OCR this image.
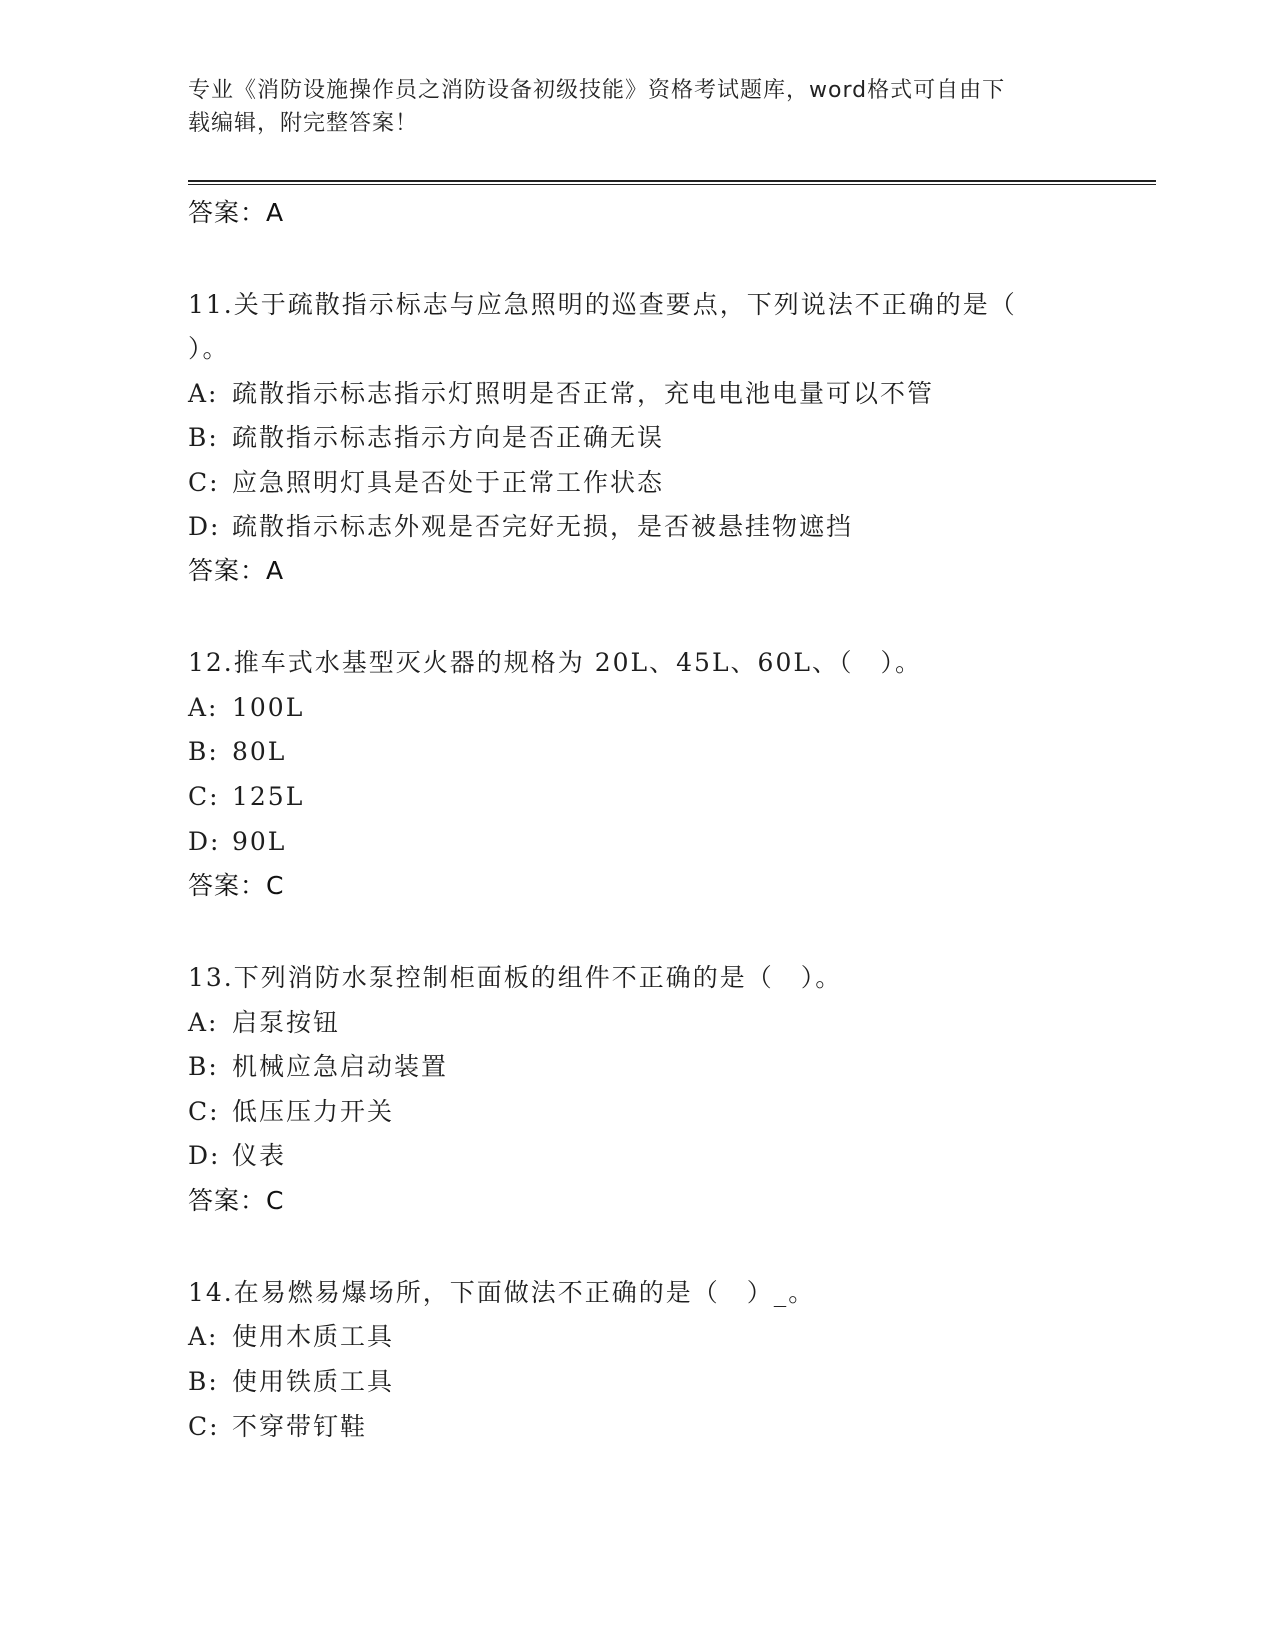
专业《消防设施操作员之消防设备初级技能》资格考试题库，word格式可自由下
载编辑，附完整答案！
答案：A
11.关于疏散指示标志与应急照明的巡查要点，下列说法不正确的是（
）。
A: 疏散指示标志指示灯照明是否正常，充电电池电量可以不管
B: 疏散指示标志指示方向是否正确无误
C: 应急照明灯具是否处于正常工作状态
D: 疏散指示标志外观是否完好无损，是否被悬挂物遮挡
答案：A
12.推车式水基型灭火器的规格为 20L、45L、60L、（　）。
A: 100L
B: 80L
C: 125L
D: 90L
答案：C
13.下列消防水泵控制柜面板的组件不正确的是（　）。
A: 启泵按钮
B: 机械应急启动装置
C: 低压压力开关
D: 仪表
答案：C
14.在易燃易爆场所，下面做法不正确的是（　）_。
A: 使用木质工具
B: 使用铁质工具
C: 不穿带钉鞋
